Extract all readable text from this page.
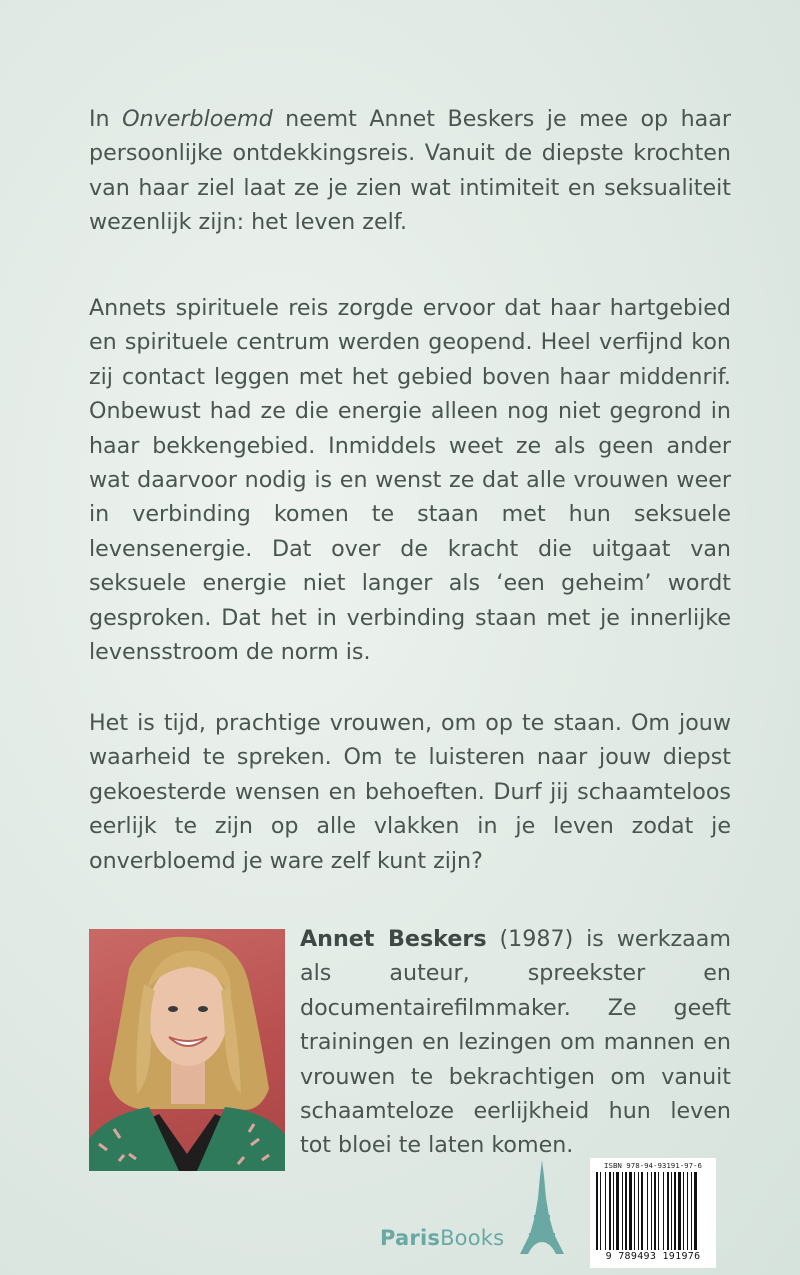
In Onverbloemd neemt Annet Beskers je mee op haar persoonlijke ontdekkingsreis. Vanuit de diepste krochten van haar ziel laat ze je zien wat intimiteit en seksualiteit wezenlijk zijn: het leven zelf.

Annets spirituele reis zorgde ervoor dat haar hartgebied en spirituele centrum werden geopend. Heel verfijnd kon zij contact leggen met het gebied boven haar middenrif. Onbewust had ze die energie alleen nog niet gegrond in haar bekkengebied. Inmiddels weet ze als geen ander wat daarvoor nodig is en wenst ze dat alle vrouwen weer in verbinding komen te staan met hun seksuele levensenergie. Dat over de kracht die uitgaat van seksuele energie niet langer als ‘een geheim’ wordt gesproken. Dat het in verbinding staan met je innerlijke levensstroom de norm is.

Het is tijd, prachtige vrouwen, om op te staan. Om jouw waarheid te spreken. Om te luisteren naar jouw diepst gekoesterde wensen en behoeften. Durf jij schaamteloos eerlijk te zijn op alle vlakken in je leven zodat je onverbloemd je ware zelf kunt zijn?

Annet Beskers (1987) is werkzaam als auteur, spreekster en documentairefilmmaker. Ze geeft trainingen en lezingen om mannen en vrouwen te bekrachtigen om vanuit schaamteloze eerlijkheid hun leven tot bloei te laten komen.

ParisBooks
ISBN 978-94-93191-97-6
9 789493 191976
